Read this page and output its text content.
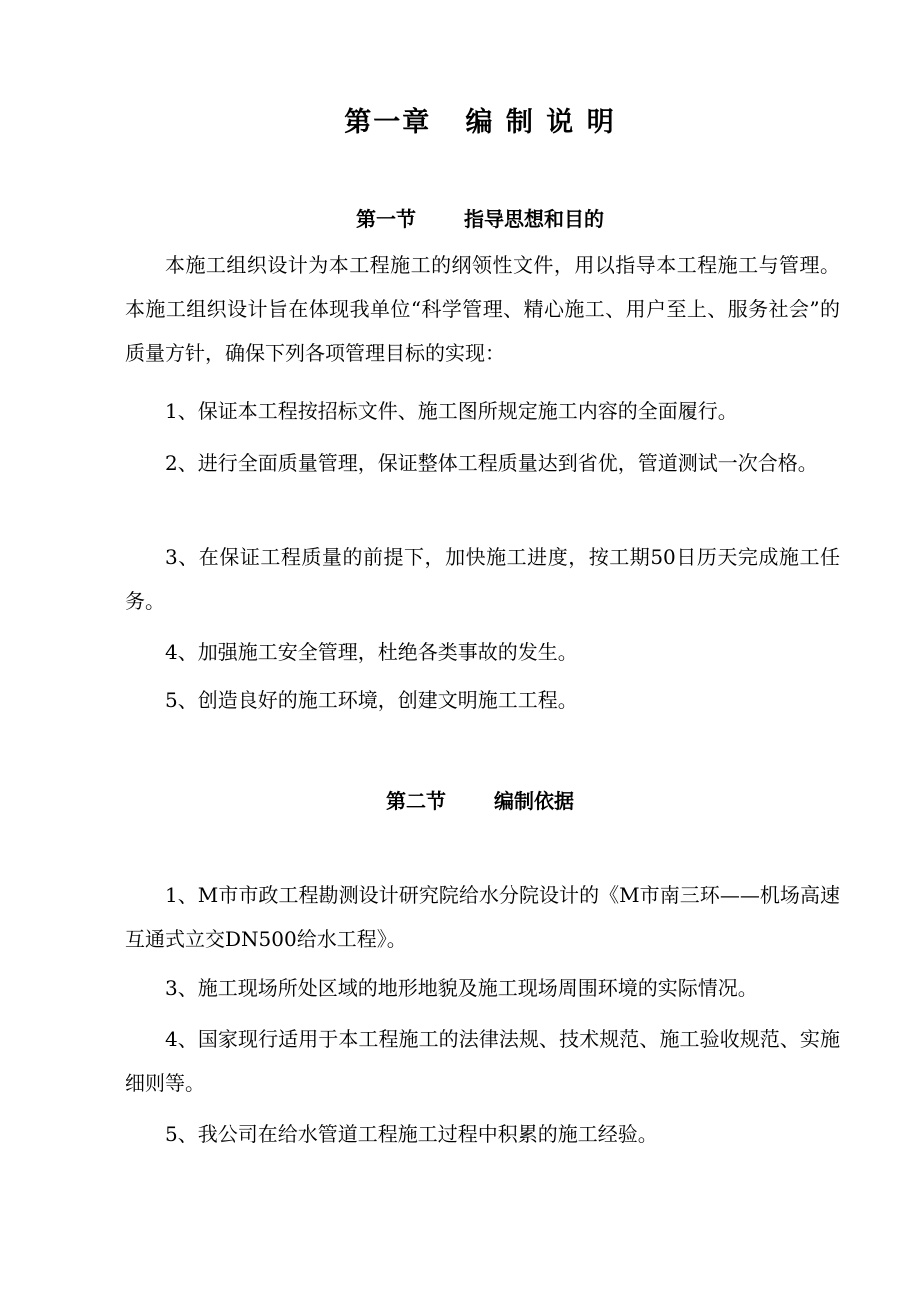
第一章   编 制 说 明
第一节 指导思想和目的

本施工组织设计为本工程施工的纲领性文件，用以指导本工程施工与管理。本施工组织设计旨在体现我单位“科学管理、精心施工、用户至上、服务社会”的质量方针，确保下列各项管理目标的实现：

1、保证本工程按招标文件、施工图所规定施工内容的全面履行。

2、进行全面质量管理，保证整体工程质量达到省优，管道测试一次合格。

3、在保证工程质量的前提下，加快施工进度，按工期50日历天完成施工任务。

4、加强施工安全管理，杜绝各类事故的发生。

5、创造良好的施工环境，创建文明施工工程。

第二节 编制依据

1、M市市政工程勘测设计研究院给水分院设计的《M市南三环——机场高速互通式立交DN500给水工程》。

3、施工现场所处区域的地形地貌及施工现场周围环境的实际情况。

4、国家现行适用于本工程施工的法律法规、技术规范、施工验收规范、实施细则等。

5、我公司在给水管道工程施工过程中积累的施工经验。
